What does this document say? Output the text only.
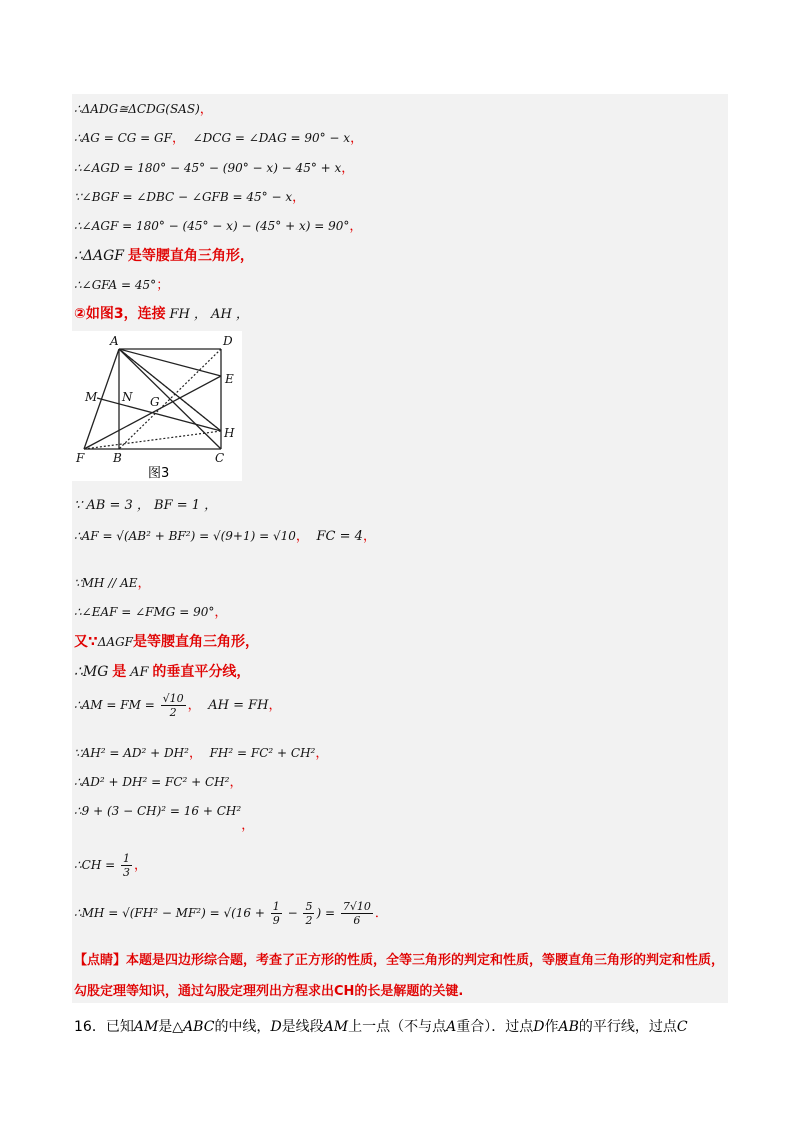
∴ΔADG≅ΔCDG(SAS)，
∴AG = CG = GF， ∠DCG = ∠DAG = 90° − x，
∴∠AGD = 180° − 45° − (90° − x) − 45° + x，
∵∠BGF = ∠DBC − ∠GFB = 45° − x，
∴∠AGF = 180° − (45° − x) − (45° + x) = 90°，
∴ΔAGF 是等腰直角三角形，
∴∠GFA = 45°；
②如图3，连接 FH ， AH ，
A	D
E
M N G
H
F B	C
图3
∵ AB = 3 ， BF = 1 ，
∴AF = √(AB² + BF²) = √(9+1) = √10， FC = 4，
∵MH // AE，
∴∠EAF = ∠FMG = 90°，
又∵ΔAGF是等腰直角三角形，
∴MG 是 AF 的垂直平分线，
∴AM = FM = $\frac{√10}{2}$ ， AH = FH，
∵AH² = AD² + DH²， FH² = FC² + CH²，
∴AD² + DH² = FC² + CH²，
∴9 + (3 − CH)² = 16 + CH²，
∴CH = $\frac{1}{3}$ ，
∴MH = $√(FH^2 - MF^2) = √(16 + \frac{1}{9} - \frac{5}{2}$ ) = $\frac{7√10}{6}$ ．
【点睛】本题是四边形综合题，考查了正方形的性质，全等三角形的判定和性质，等腰直角三角形的判定和性质，勾股定理等知识，通过勾股定理列出方程求出CH的长是解题的关键.
16．已知AM是△ABC的中线，D是线段AM上一点（不与点A重合）．过点D作AB的平行线，过点C
